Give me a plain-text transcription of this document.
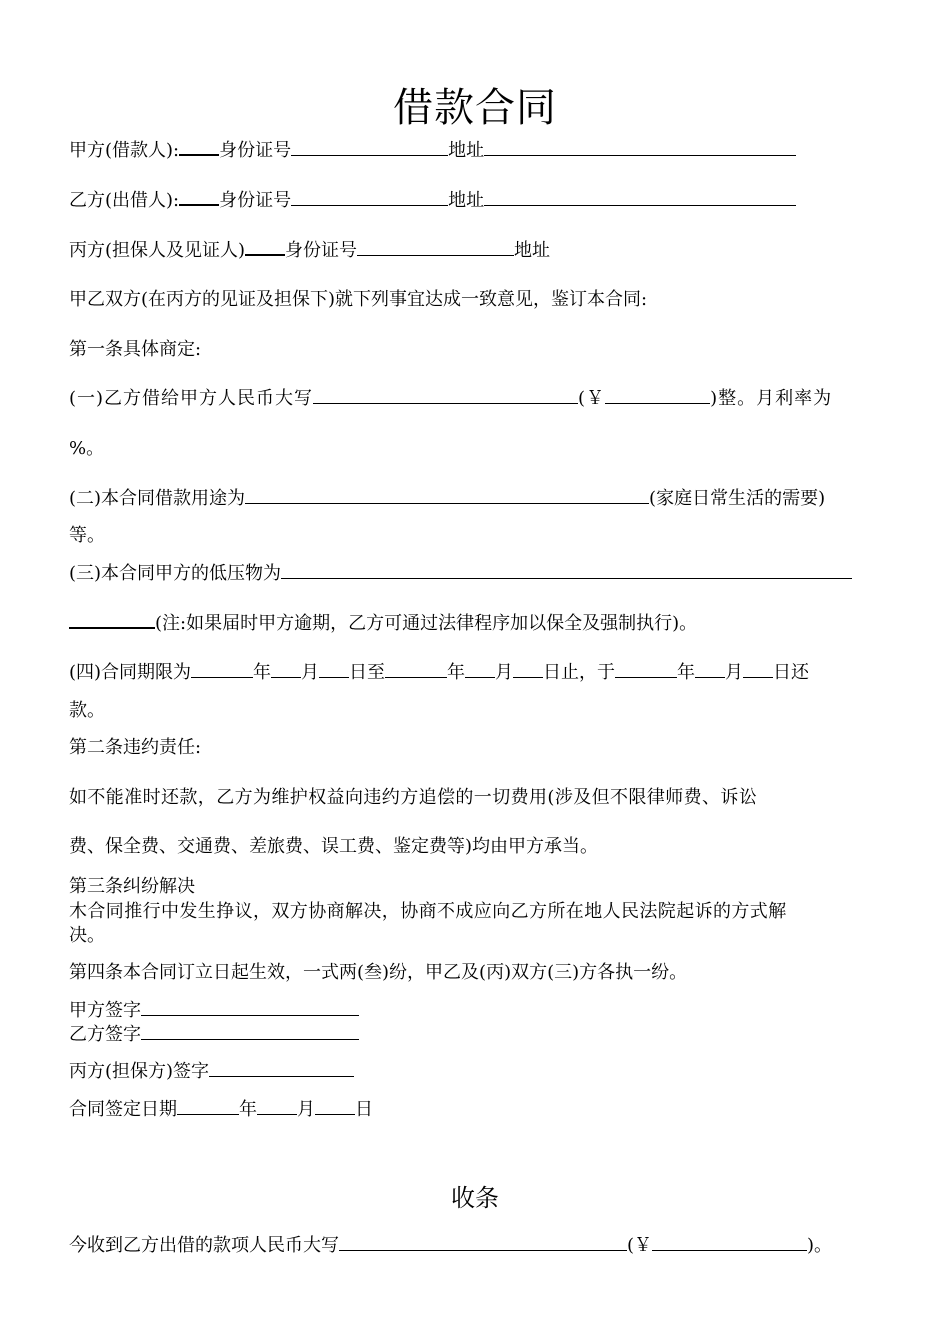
借款合同
甲方(借款人): 身份证号	地址
乙方(出借人): 身份证号	地址
丙方(担保人及见证人) 身份证号	地址
甲乙双方(在丙方的见证及担保下)就下列事宜达成一致意见，鉴订本合同:
第一条具体商定:
(一)乙方借给甲方人民币大写	(￥	)整。月利率为
%。
(二)本合同借款用途为	(家庭日常生活的需要)
等。
(三)本合同甲方的低压物为
(注:如果届时甲方逾期，乙方可通过法律程序加以保全及强制执行)。
(四)合同期限为	年 月 日至	年 月 日止，于	年 月 日还
款。
第二条违约责任:
如不能准时还款，乙方为维护权益向违约方追偿的一切费用(涉及但不限律师费、诉讼
费、保全费、交通费、差旅费、误工费、鉴定费等)均由甲方承当。
第三条纠纷解决
木合同推行中发生挣议，双方协商解决，协商不成应向乙方所在地人民法院起诉的方式解
决。
第四条本合同订立日起生效，一式两(叁)纷，甲乙及(丙)双方(三)方各执一纷。
甲方签字
乙方签字
丙方(担保方)签字
合同签定日期	年 月 日
收条
今收到乙方出借的款项人民币大写	(￥	)。
